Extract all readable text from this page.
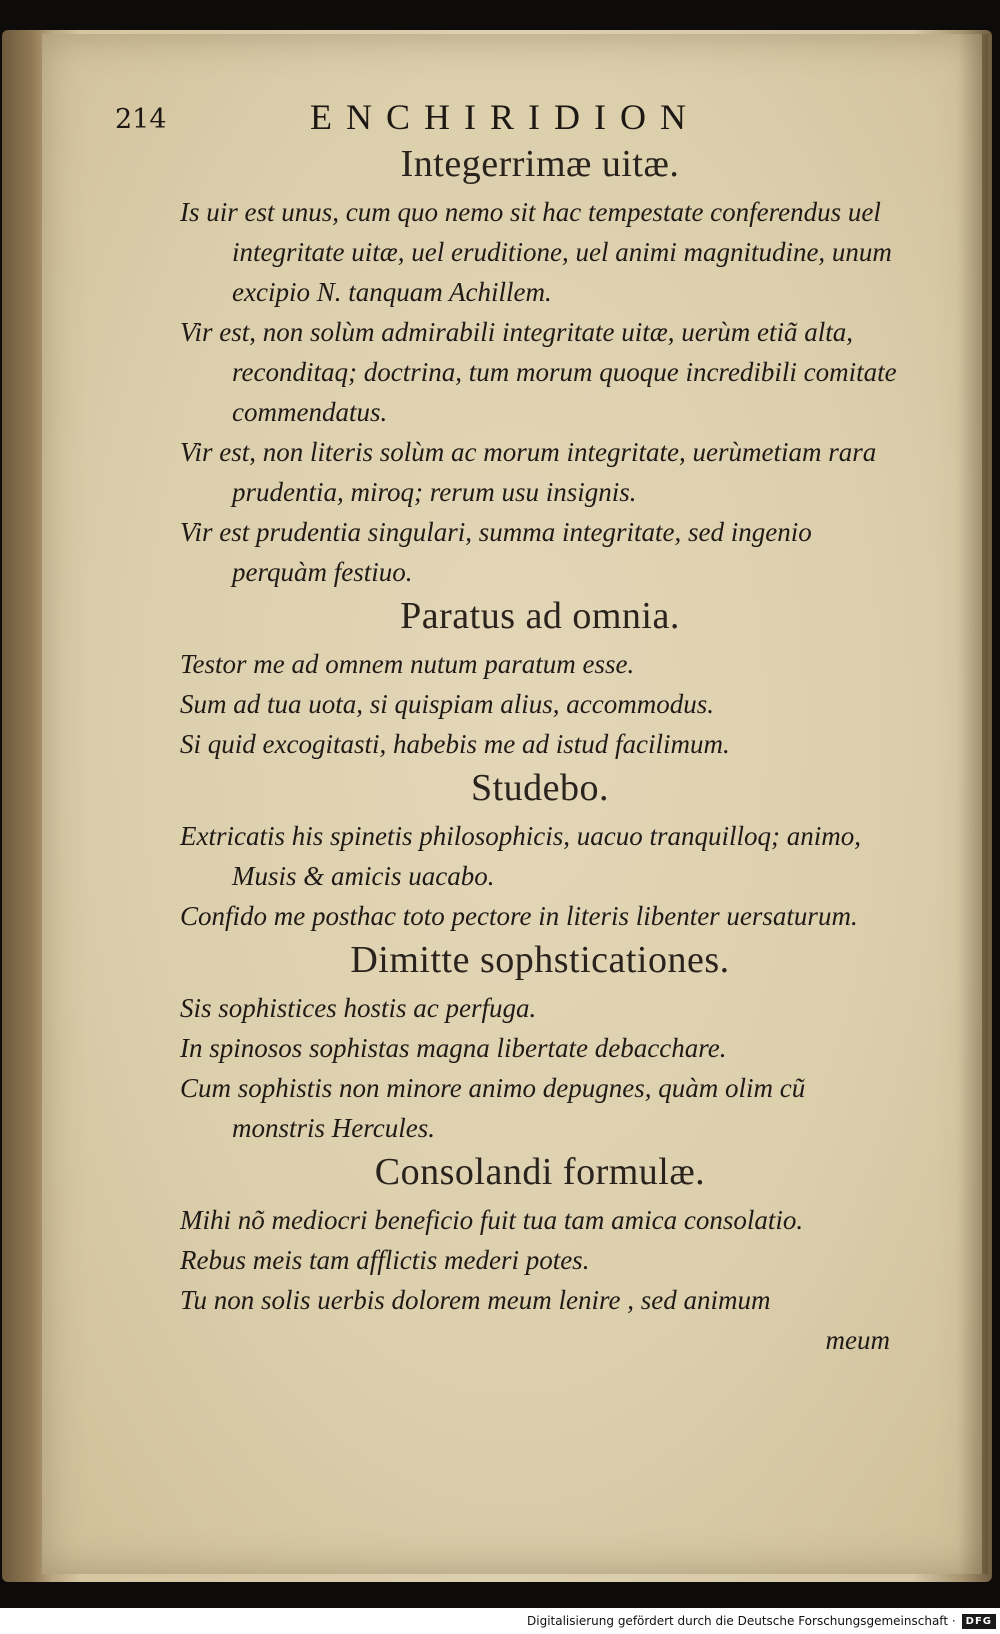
214	ENCHIRIDION
Integerrimæ uitæ.

Is uir est unus, cum quo nemo sit hac tempestate conferendus uel integritate uitæ, uel eruditione, uel animi magnitudine, unum excipio N. tanquam Achillem.

Vir est, non solùm admirabili integritate uitæ, uerùm etiã alta, reconditaq; doctrina, tum morum quoque incredibili comitate commendatus.

Vir est, non literis solùm ac morum integritate, uerùmetiam rara prudentia, miroq; rerum usu insignis.

Vir est prudentia singulari, summa integritate, sed ingenio perquàm festiuo.

Paratus ad omnia.

Testor me ad omnem nutum paratum esse.

Sum ad tua uota, si quispiam alius, accommodus.

Si quid excogitasti, habebis me ad istud facilimum.

Studebo.

Extricatis his spinetis philosophicis, uacuo tranquilloq; animo, Musis & amicis uacabo.

Confido me posthac toto pectore in literis libenter uersaturum.

Dimitte sophsticationes.

Sis sophistices hostis ac perfuga.

In spinosos sophistas magna libertate debacchare.

Cum sophistis non minore animo depugnes, quàm olim cũ monstris Hercules.

Consolandi formulæ.

Mihi nõ mediocri beneficio fuit tua tam amica consolatio.

Rebus meis tam afflictis mederi potes.

Tu non solis uerbis dolorem meum lenire , sed animum

meum
Digitalisierung gefördert durch die Deutsche Forschungsgemeinschaft ·	DFG
